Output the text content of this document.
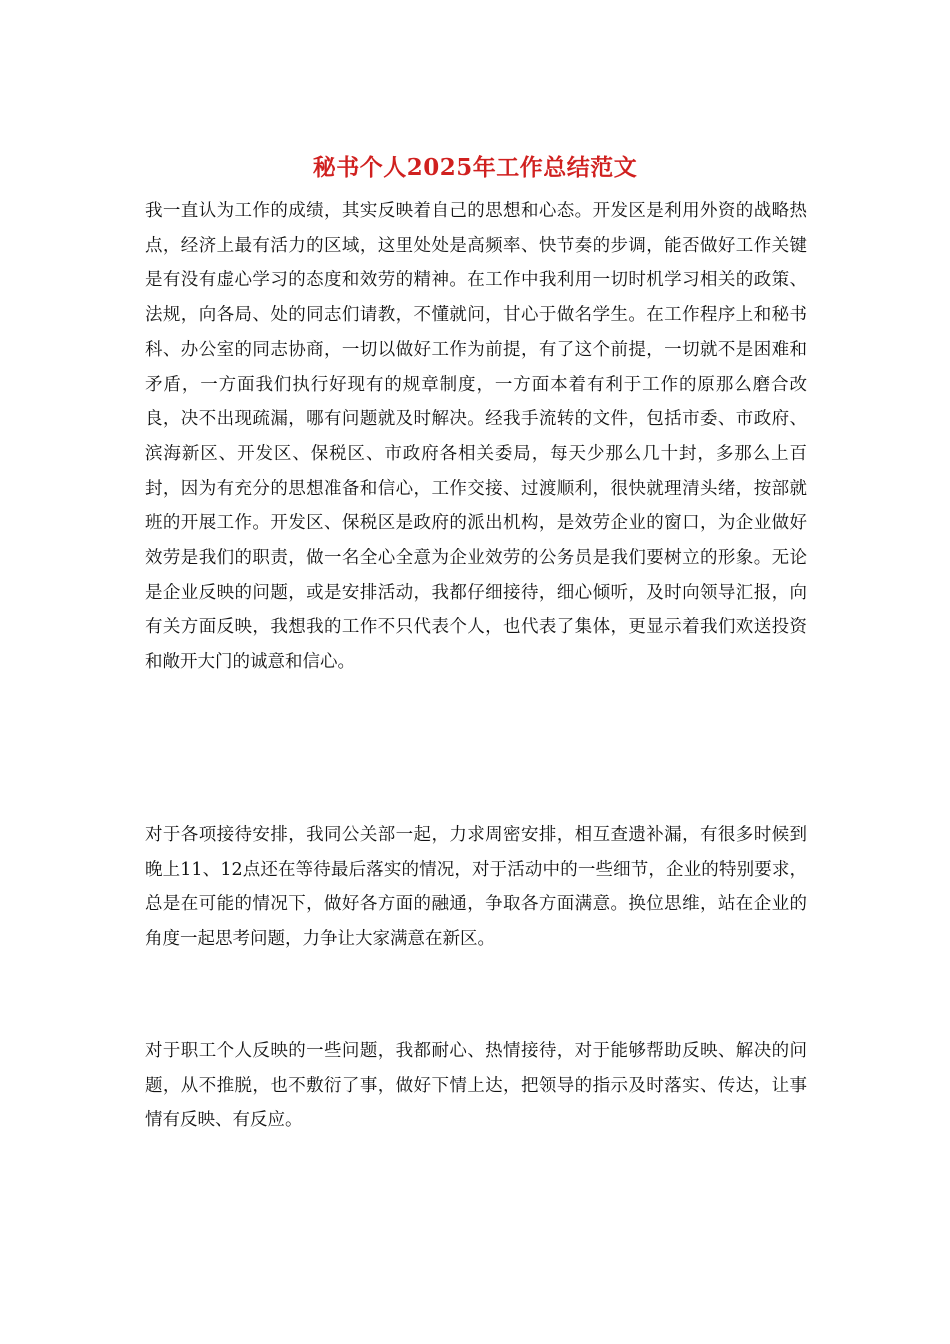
秘书个人2025年工作总结范文

我一直认为工作的成绩，其实反映着自己的思想和心态。开发区是利用外资的战略热点，经济上最有活力的区域，这里处处是高频率、快节奏的步调，能否做好工作关键是有没有虚心学习的态度和效劳的精神。在工作中我利用一切时机学习相关的政策、法规，向各局、处的同志们请教，不懂就问，甘心于做名学生。在工作程序上和秘书科、办公室的同志协商，一切以做好工作为前提，有了这个前提，一切就不是困难和矛盾，一方面我们执行好现有的规章制度，一方面本着有利于工作的原那么磨合改良，决不出现疏漏，哪有问题就及时解决。经我手流转的文件，包括市委、市政府、滨海新区、开发区、保税区、市政府各相关委局，每天少那么几十封，多那么上百封，因为有充分的思想准备和信心，工作交接、过渡顺利，很快就理清头绪，按部就班的开展工作。开发区、保税区是政府的派出机构，是效劳企业的窗口，为企业做好效劳是我们的职责，做一名全心全意为企业效劳的公务员是我们要树立的形象。无论是企业反映的问题，或是安排活动，我都仔细接待，细心倾听，及时向领导汇报，向有关方面反映，我想我的工作不只代表个人，也代表了集体，更显示着我们欢送投资和敞开大门的诚意和信心。

对于各项接待安排，我同公关部一起，力求周密安排，相互查遗补漏，有很多时候到晚上11、12点还在等待最后落实的情况，对于活动中的一些细节，企业的特别要求，总是在可能的情况下，做好各方面的融通，争取各方面满意。换位思维，站在企业的角度一起思考问题，力争让大家满意在新区。

对于职工个人反映的一些问题，我都耐心、热情接待，对于能够帮助反映、解决的问题，从不推脱，也不敷衍了事，做好下情上达，把领导的指示及时落实、传达，让事情有反映、有反应。
